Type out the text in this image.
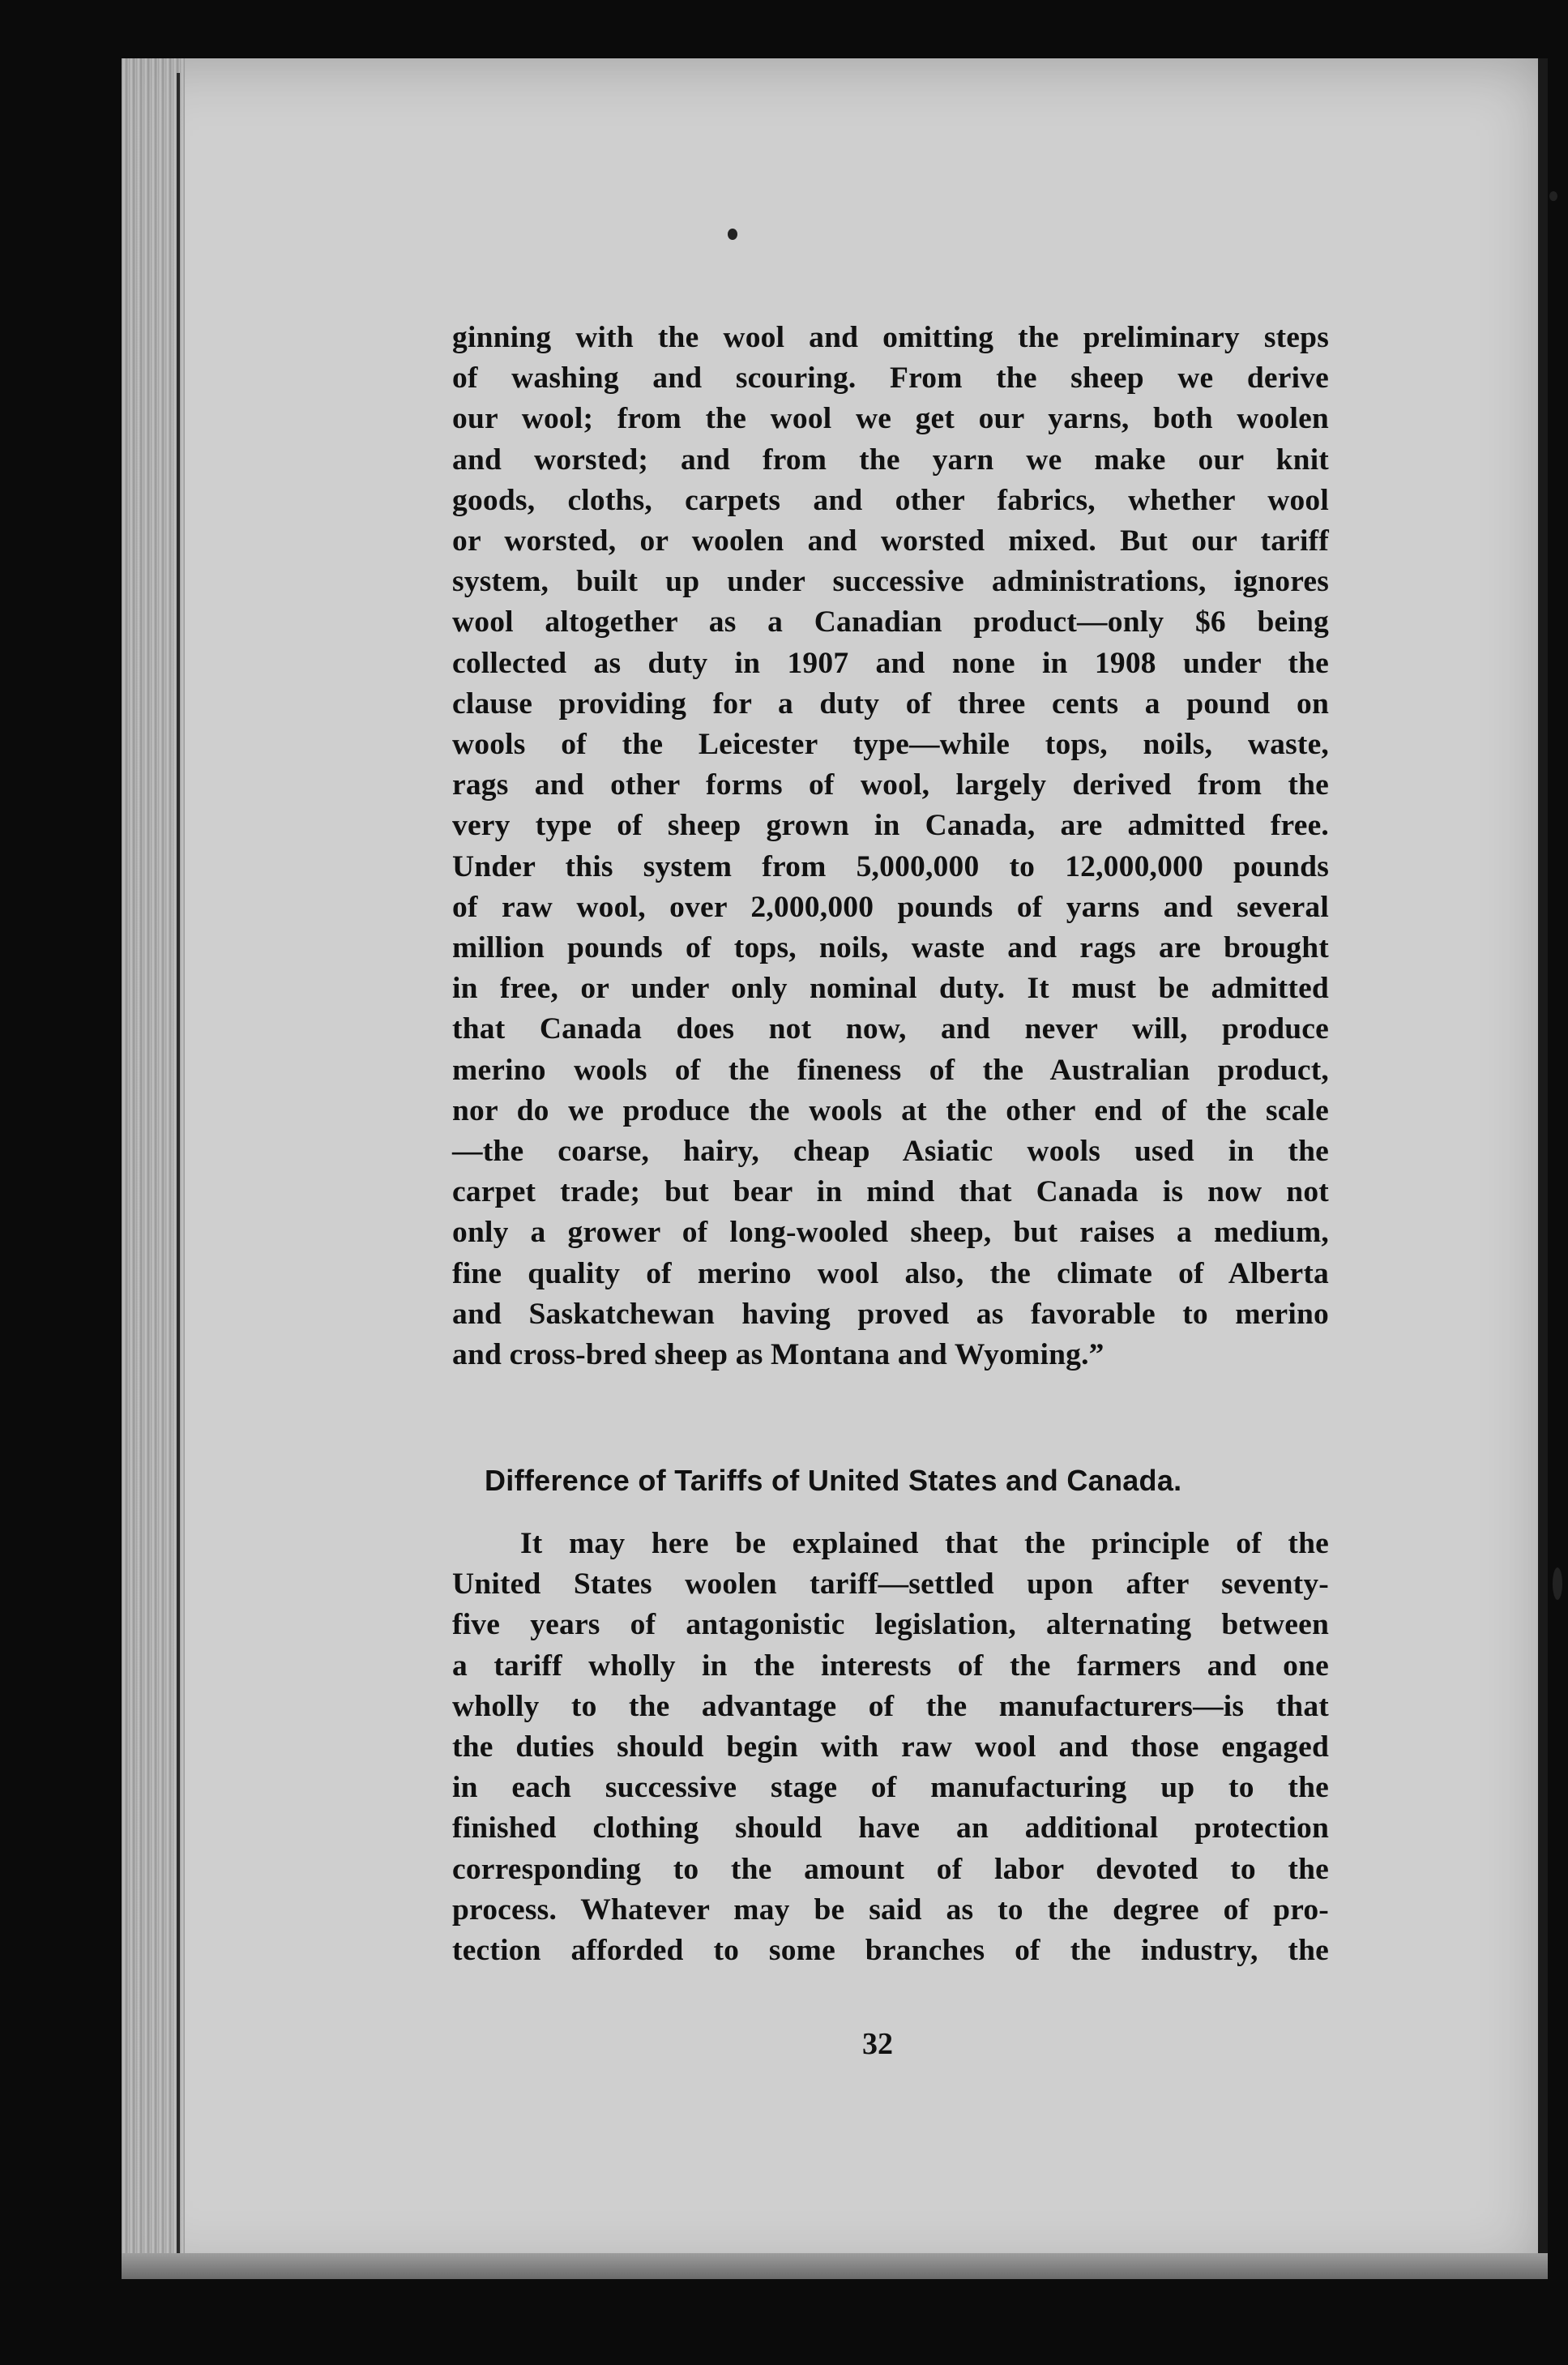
ginning with the wool and omitting the preliminary steps
of washing and scouring. From the sheep we derive
our wool; from the wool we get our yarns, both woolen
and worsted; and from the yarn we make our knit
goods, cloths, carpets and other fabrics, whether wool
or worsted, or woolen and worsted mixed. But our tariff
system, built up under successive administrations, ignores
wool altogether as a Canadian product—only $6 being
collected as duty in 1907 and none in 1908 under the
clause providing for a duty of three cents a pound on
wools of the Leicester type—while tops, noils, waste,
rags and other forms of wool, largely derived from the
very type of sheep grown in Canada, are admitted free.
Under this system from 5,000,000 to 12,000,000 pounds
of raw wool, over 2,000,000 pounds of yarns and several
million pounds of tops, noils, waste and rags are brought
in free, or under only nominal duty. It must be admitted
that Canada does not now, and never will, produce
merino wools of the fineness of the Australian product,
nor do we produce the wools at the other end of the scale
—the coarse, hairy, cheap Asiatic wools used in the
carpet trade; but bear in mind that Canada is now not
only a grower of long-wooled sheep, but raises a medium,
fine quality of merino wool also, the climate of Alberta
and Saskatchewan having proved as favorable to merino
and cross-bred sheep as Montana and Wyoming.”
Difference of Tariffs of United States and Canada.
It may here be explained that the principle of the
United States woolen tariff—settled upon after seventy-
five years of antagonistic legislation, alternating between
a tariff wholly in the interests of the farmers and one
wholly to the advantage of the manufacturers—is that
the duties should begin with raw wool and those engaged
in each successive stage of manufacturing up to the
finished clothing should have an additional protection
corresponding to the amount of labor devoted to the
process. Whatever may be said as to the degree of pro-
tection afforded to some branches of the industry, the
32
